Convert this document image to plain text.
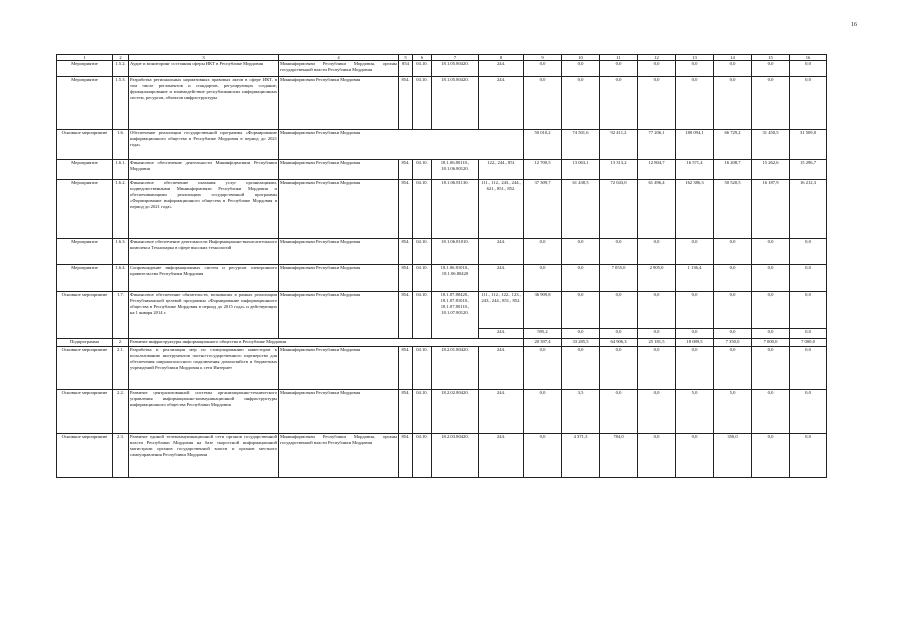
16
1	2	3	4	5	6	7	8	9	10	11	12	13	14	15	16
Мероприятие	1.5.2.	Аудит и мониторинг состояния сферы ИКТ в Республике Мордовия	Мининформсвязи Республики Мордовия, органы государственной власти Республики Мордовия	854	04.10.	18.1.05.80420.	244.	0,0	0,0	0,0	0,0	0,0	0,0	0,0	0,0
Мероприятие	1.5.3.	Разработка региональных нормативных правовых актов в сфере ИКТ, в том числе регламентов и стандартов, регулирующих создание, функционирование и взаимодействие республиканских информационных систем, ресурсов, объектов инфраструктуры	Мининформсвязи Республики Мордовия	854.	04.10.	18.1.05.80420.	244.	0,0	0,0	0,0	0,0	0,0	0,0	0,0	0,0
Основное мероприятие	1.6.	Обеспечение реализации государственной программы «Формирование информационного общества в Республике Мордовия в период до 2021 года»	Мининформсвязи Республики Мордовия					50 010,2	74 501,6	92 411,2	77 206,1	180 094,1	66 729,2	31 450,5	31 509,0
Мероприятие	1.6.1.	Финансовое обеспечение деятельности Мининформсвязи Республики Мордовия	Мининформсвязи Республики Мордовия	854.	04.10.	18.1.06.80110., 18.1.06.80120.	122., 244., 851	12 700,5	13 063,1	13 313,2	12 804,7	16 571,4	16 208,7	15 262,6	15 296,7
Мероприятие	1.6.2.	Финансовое обеспечение оказания услуг организациями, подведомственными Мининформсвязи Республики Мордовия и обеспечивающими реализацию государственной программы «Формирование информационного общества в Республике Мордовия в период до 2021 года»	Мининформсвязи Республики Мордовия	854.	04.10.	18.1.06.81130.	111., 112., 243., 244., 621., 851., 852.	37 309,7	61 438,5	72 043,0	61 496,4	162 386,3	50 520,5	16 187,9	16 212,3
Мероприятие	1.6.3.	Финансовое обеспечение деятельности Информационно-вычислительного комплекса Технопарка в сфере высоких технологий	Мининформсвязи Республики Мордовия	854.	04.10.	18.1.06.81010.	244.	0,0	0,0	0,0	0,0	0,0	0,0	0,0	0,0
Мероприятие	1.6.4.	Сопровождение информационных систем и ресурсов электронного правительства Республики Мордовия	Мининформсвязи Республики Мордовия	854.	04.10.	18.1.06.81010., 18.1.06.80420	244.	0,0	0,0	7 055,0	2 905,0	1 136,4	0,0	0,0	0,0
Основное мероприятие	1.7.	Финансовое обеспечение обязательств, возникших в рамках реализации Республиканской целевой программы «Формирование информационного общества в Республике Мордовия в период до 2015 года» и действующих на 1 января 2014 г.	Мининформсвязи Республики Мордовия	854.	04.10.	18.1.07.80420., 18.1.07.81010., 18.1.07.80110., 18.1.07.80120.	111., 112., 122., 123., 243., 244., 851., 852.	36 909,8	0,0	0,0	0,0	0,0	0,0	0,0	0,0
							244.	595,2	0,0	0,0	0,0	0,0	0,0	0,0	0,0
Подпрограмма	2.	Развитие инфраструктуры информационного общества в Республике Мордовия						20 397,4	33 285,5	64 906,3	25 181,5	18 089,5	7 350,0	7 000,0	7 000,0
Основное мероприятие	2.1.	Разработка и реализация мер по стимулированию инвесторов к использованию инструментов частно-государственного партнерства для обеспечения широкополосного подключения домохозяйств и бюджетных учреждений Республики Мордовия к сети Интернет	Мининформсвязи Республики Мордовия	854.	04.10.	18.2.01.80420.	244.	0,0	0,0	0,0	0,0	0,0	0,0	0,0	0,0
Основное мероприятие	2.2.	Развитие централизованной системы организационно-технического управления информационно-коммуникационной инфраструктуры информационного общества Республики Мордовия	Мининформсвязи Республики Мордовия	854.	04.10.	18.2.02.80420.	244.	0,0	3,5	0,0	0,0	5,0	5,0	0,0	0,0
Основное мероприятие	2.3.	Развитие единой телекоммуникационной сети органов государственной власти Республики Мордовия на базе скоростной информационной магистрали органов государственной власти и органов местного самоуправления Республики Мордовия	Мининформсвязи Республики Мордовия, органы государственной власти Республики Мордовия	854.	04.10.	18.2.03.80420.	244.	0,0	4 371,3	784,0	0,0	0,0	350,0	0,0	0,0
